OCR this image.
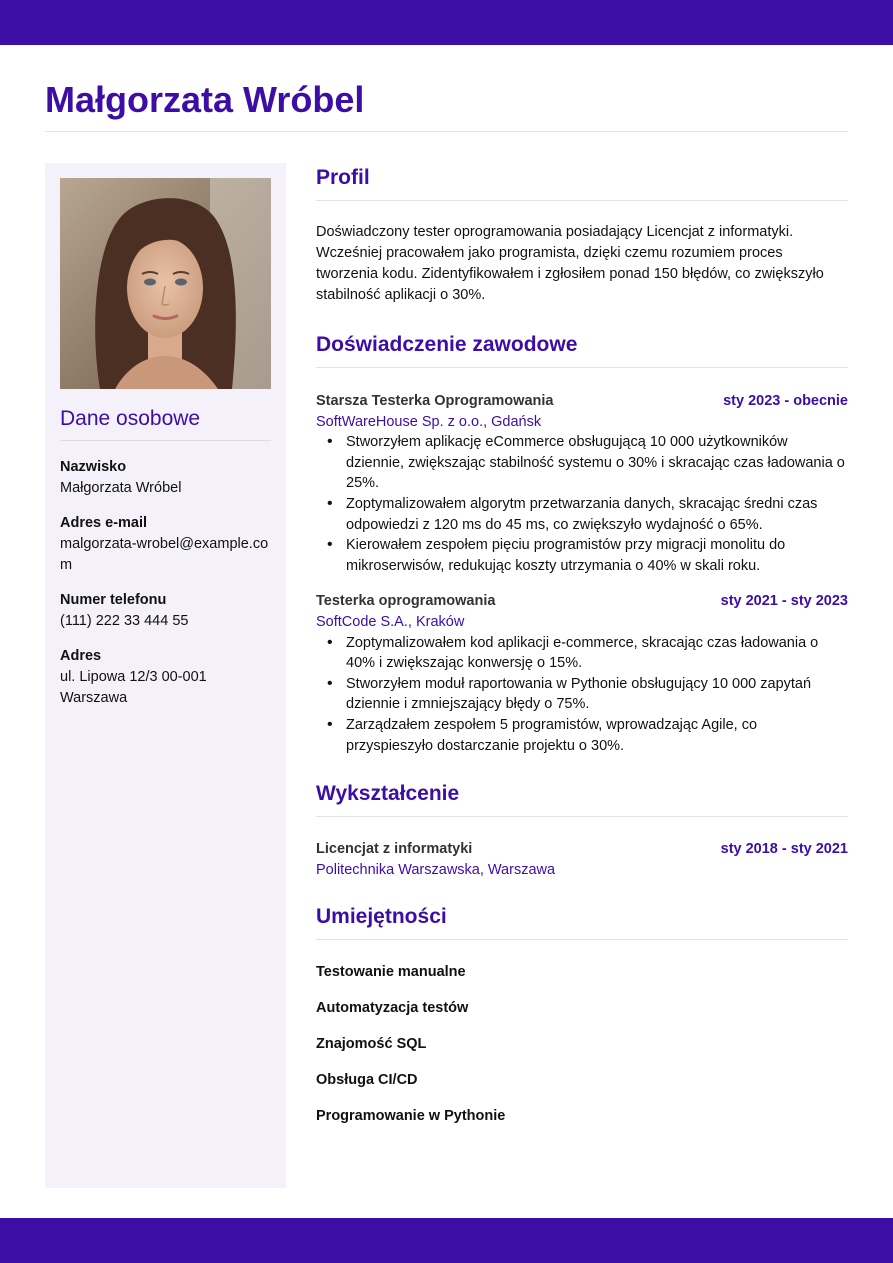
Małgorzata Wróbel
Dane osobowe
Nazwisko
Małgorzata Wróbel
Adres e-mail
malgorzata-wrobel@example.com
Numer telefonu
(111) 222 33 444 55
Adres
ul. Lipowa 12/3 00-001 Warszawa
Profil

Doświadczony tester oprogramowania posiadający Licencjat z informatyki. Wcześniej pracowałem jako programista, dzięki czemu rozumiem proces tworzenia kodu. Zidentyfikowałem i zgłosiłem ponad 150 błędów, co zwiększyło stabilność aplikacji o 30%.

Doświadczenie zawodowe
Starsza Testerka Oprogramowania	sty 2023 - obecnie
SoftWareHouse Sp. z o.o., Gdańsk
• Stworzyłem aplikację eCommerce obsługującą 10 000 użytkowników dziennie, zwiększając stabilność systemu o 30% i skracając czas ładowania o 25%.
• Zoptymalizowałem algorytm przetwarzania danych, skracając średni czas odpowiedzi z 120 ms do 45 ms, co zwiększyło wydajność o 65%.
• Kierowałem zespołem pięciu programistów przy migracji monolitu do mikroserwisów, redukując koszty utrzymania o 40% w skali roku.
Testerka oprogramowania	sty 2021 - sty 2023
SoftCode S.A., Kraków
• Zoptymalizowałem kod aplikacji e-commerce, skracając czas ładowania o 40% i zwiększając konwersję o 15%.
• Stworzyłem moduł raportowania w Pythonie obsługujący 10 000 zapytań dziennie i zmniejszający błędy o 75%.
• Zarządzałem zespołem 5 programistów, wprowadzając Agile, co przyspieszyło dostarczanie projektu o 30%.
Wykształcenie
Licencjat z informatyki	sty 2018 - sty 2021
Politechnika Warszawska, Warszawa
Umiejętności
Testowanie manualne
Automatyzacja testów
Znajomość SQL
Obsługa CI/CD
Programowanie w Pythonie
